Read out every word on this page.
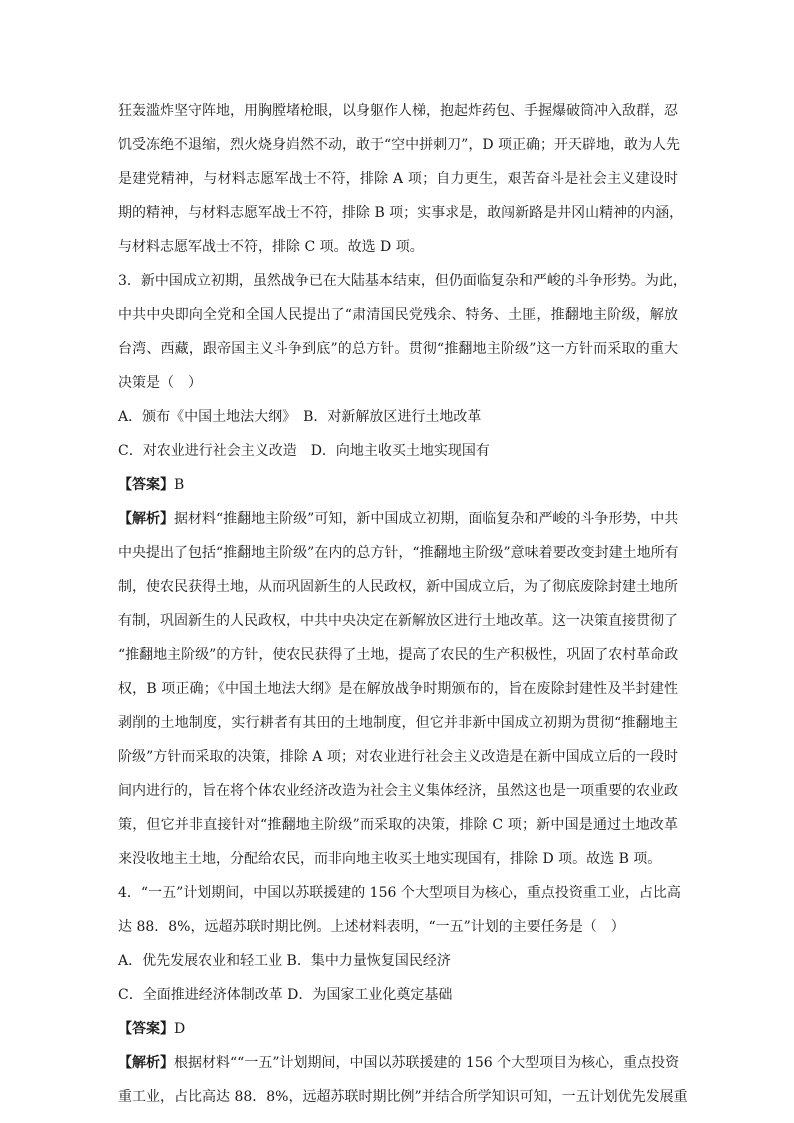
狂轰滥炸坚守阵地，用胸膛堵枪眼，以身躯作人梯，抱起炸药包、手握爆破筒冲入敌群，忍
饥受冻绝不退缩，烈火烧身岿然不动，敢于“空中拼刺刀”，D 项正确；开天辟地，敢为人先
是建党精神，与材料志愿军战士不符，排除 A 项；自力更生，艰苦奋斗是社会主义建设时
期的精神，与材料志愿军战士不符，排除 B 项；实事求是，敢闯新路是井冈山精神的内涵，
与材料志愿军战士不符，排除 C 项。故选 D 项。
3．新中国成立初期，虽然战争已在大陆基本结束，但仍面临复杂和严峻的斗争形势。为此，
中共中央即向全党和全国人民提出了“肃清国民党残余、特务、土匪，推翻地主阶级，解放
台湾、西藏，跟帝国主义斗争到底”的总方针。贯彻“推翻地主阶级”这一方针而采取的重大
决策是（　）
A．颁布《中国土地法大纲》　B．对新解放区进行土地改革
C．对农业进行社会主义改造　D．向地主收买土地实现国有
【答案】B
【解析】据材料“推翻地主阶级”可知，新中国成立初期，面临复杂和严峻的斗争形势，中共
中央提出了包括“推翻地主阶级”在内的总方针，“推翻地主阶级”意味着要改变封建土地所有
制，使农民获得土地，从而巩固新生的人民政权，新中国成立后，为了彻底废除封建土地所
有制，巩固新生的人民政权，中共中央决定在新解放区进行土地改革。这一决策直接贯彻了
“推翻地主阶级”的方针，使农民获得了土地，提高了农民的生产积极性，巩固了农村革命政
权，B 项正确；《中国土地法大纲》是在解放战争时期颁布的，旨在废除封建性及半封建性
剥削的土地制度，实行耕者有其田的土地制度，但它并非新中国成立初期为贯彻“推翻地主
阶级”方针而采取的决策，排除 A 项；对农业进行社会主义改造是在新中国成立后的一段时
间内进行的，旨在将个体农业经济改造为社会主义集体经济，虽然这也是一项重要的农业政
策，但它并非直接针对“推翻地主阶级”而采取的决策，排除 C 项；新中国是通过土地改革
来没收地主土地，分配给农民，而非向地主收买土地实现国有，排除 D 项。故选 B 项。
4．“一五”计划期间，中国以苏联援建的 156 个大型项目为核心，重点投资重工业，占比高
达 88．8%，远超苏联时期比例。上述材料表明，“一五”计划的主要任务是（　）
A．优先发展农业和轻工业 B．集中力量恢复国民经济
C．全面推进经济体制改革 D．为国家工业化奠定基础
【答案】D
【解析】根据材料““一五”计划期间，中国以苏联援建的 156 个大型项目为核心，重点投资
重工业，占比高达 88．8%，远超苏联时期比例”并结合所学知识可知，一五计划优先发展重
